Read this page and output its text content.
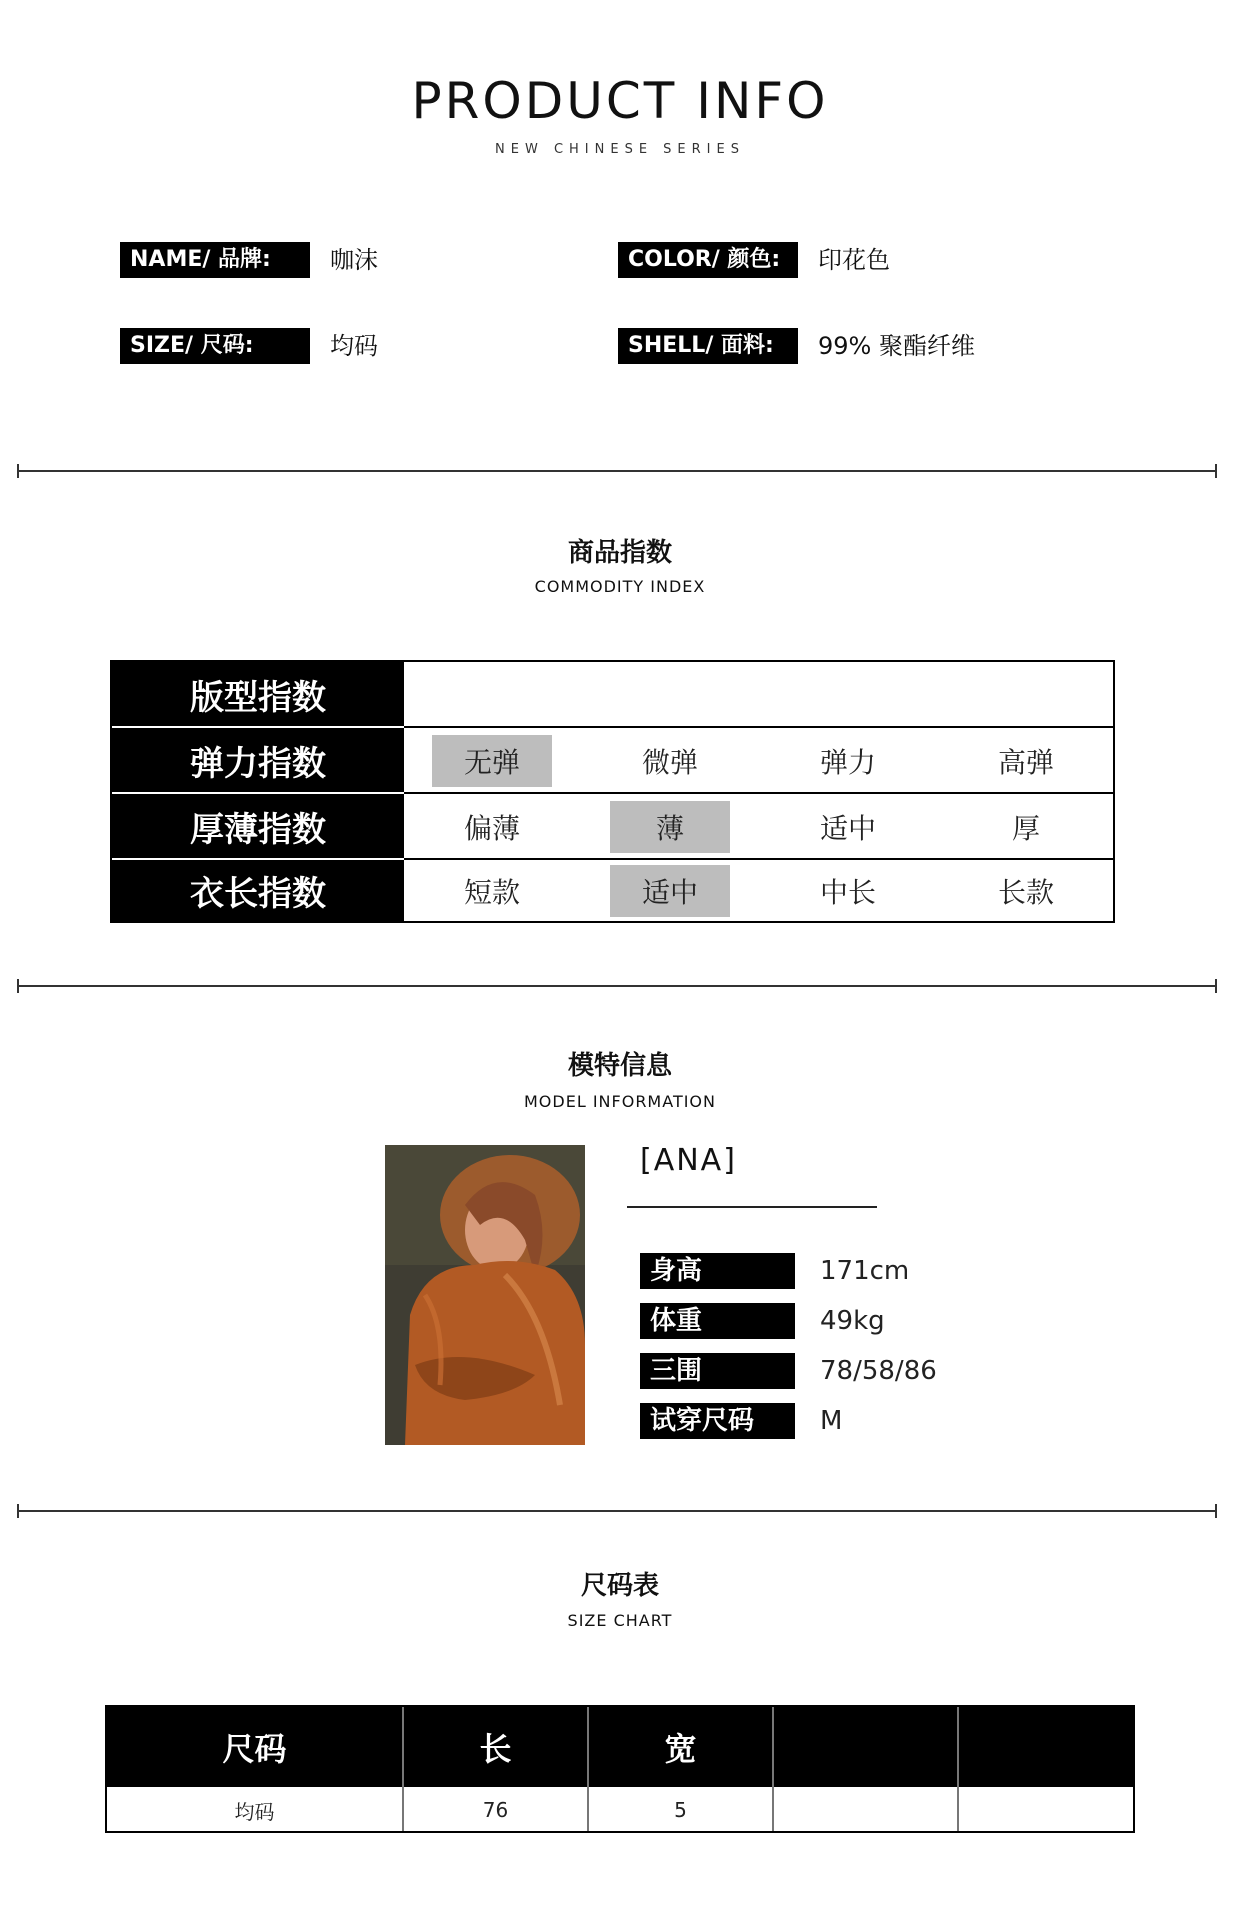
PRODUCT INFO
NEW CHINESE SERIES
NAME/ 品牌:	咖沫	COLOR/ 颜色:	印花色
SIZE/ 尺码:	均码	SHELL/ 面料:	99% 聚酯纤维
商品指数
COMMODITY INDEX
版型指数
弹力指数	无弹	微弹	弹力	高弹
厚薄指数	偏薄	薄	适中	厚
衣长指数	短款	适中	中长	长款
模特信息
MODEL INFORMATION
[ANA]
身高	171cm
体重	49kg
三围	78/58/86
试穿尺码	M
尺码表
SIZE CHART
尺码	长	宽
均码	76	5
